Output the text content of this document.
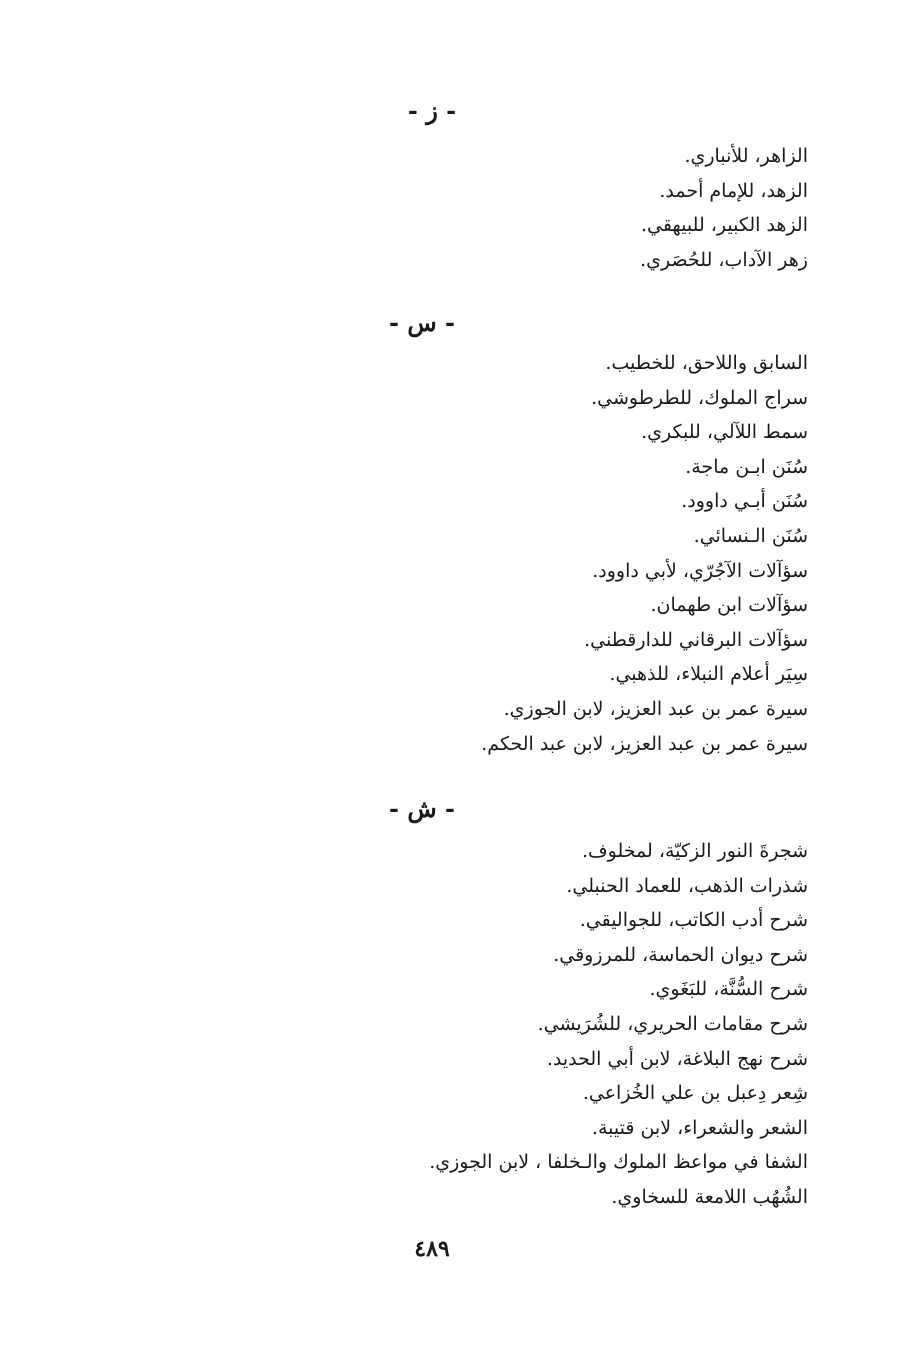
- ز -
الزاهر، للأنباري.
الزهد، للإمام أحمد.
الزهد الكبير، للبيهقي.
زهر الآداب، للحُصَري.
- س -
السابق واللاحق، للخطيب.
سراج الملوك، للطرطوشي.
سمط اللآلي، للبكري.
سُنَن ابـن ماجة.
سُنَن أبـي داوود.
سُنَن الـنسائي.
سؤآلات الآجُرّي، لأبي داوود.
سؤآلات ابن طهمان.
سؤآلات البرقاني للدارقطني.
سِيَر أعلام النبلاء، للذهبي.
سيرة عمر بن عبد العزيز، لابن الجوزي.
سيرة عمر بن عبد العزيز، لابن عبد الحكم.
- ش -
شجرةَ النور الزكيّة، لمخلوف.
شذرات الذهب، للعماد الحنبلي.
شرح أدب الكاتب، للجواليقي.
شرح ديوان الحماسة، للمرزوقي.
شرح السُّنَّة، للبَغَوي.
شرح مقامات الحريري، للشُرَيشي.
شرح نهج البلاغة، لابن أبي الحديد.
شِعر دِعبل بن علي الخُزاعي.
الشعر والشعراء، لابن قتيبة.
الشفا في مواعظ الملوك والـخلفا ، لابن الجوزي.
الشُهُب اللامعة للسخاوي.
٤٨٩
